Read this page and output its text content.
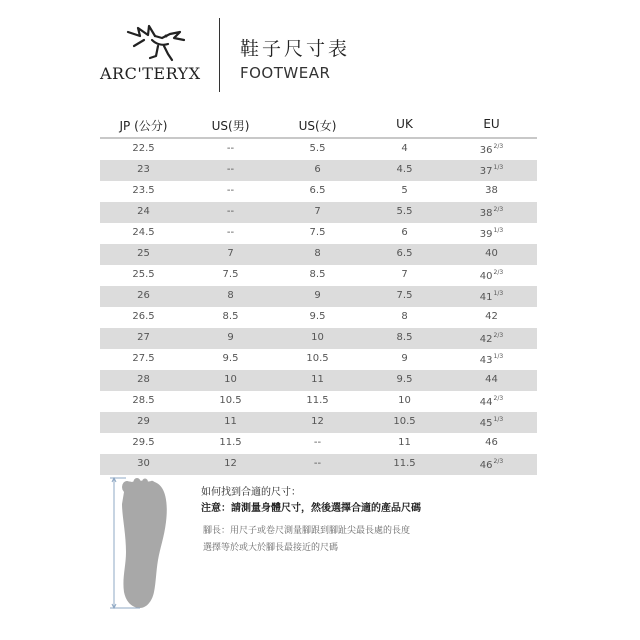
ARC'TERYX
鞋子尺寸表
FOOTWEAR
JP (公分)	US(男)	US(女)	UK	EU
22.5	--	5.5	4	$36^{2/3}$
23	--	6	4.5	$37^{1/3}$
23.5	--	6.5	5	38
24	--	7	5.5	$38^{2/3}$
24.5	--	7.5	6	$39^{1/3}$
25	7	8	6.5	40
25.5	7.5	8.5	7	$40^{2/3}$
26	8	9	7.5	$41^{1/3}$
26.5	8.5	9.5	8	42
27	9	10	8.5	$42^{2/3}$
27.5	9.5	10.5	9	$43^{1/3}$
28	10	11	9.5	44
28.5	10.5	11.5	10	$44^{2/3}$
29	11	12	10.5	$45^{1/3}$
29.5	11.5	--	11	46
30	12	--	11.5	$46^{2/3}$
如何找到合適的尺寸：
注意：請測量身體尺寸，然後選擇合適的產品尺碼
腳長：用尺子或卷尺測量腳跟到腳趾尖最長處的長度
選擇等於或大於腳長最接近的尺碼
